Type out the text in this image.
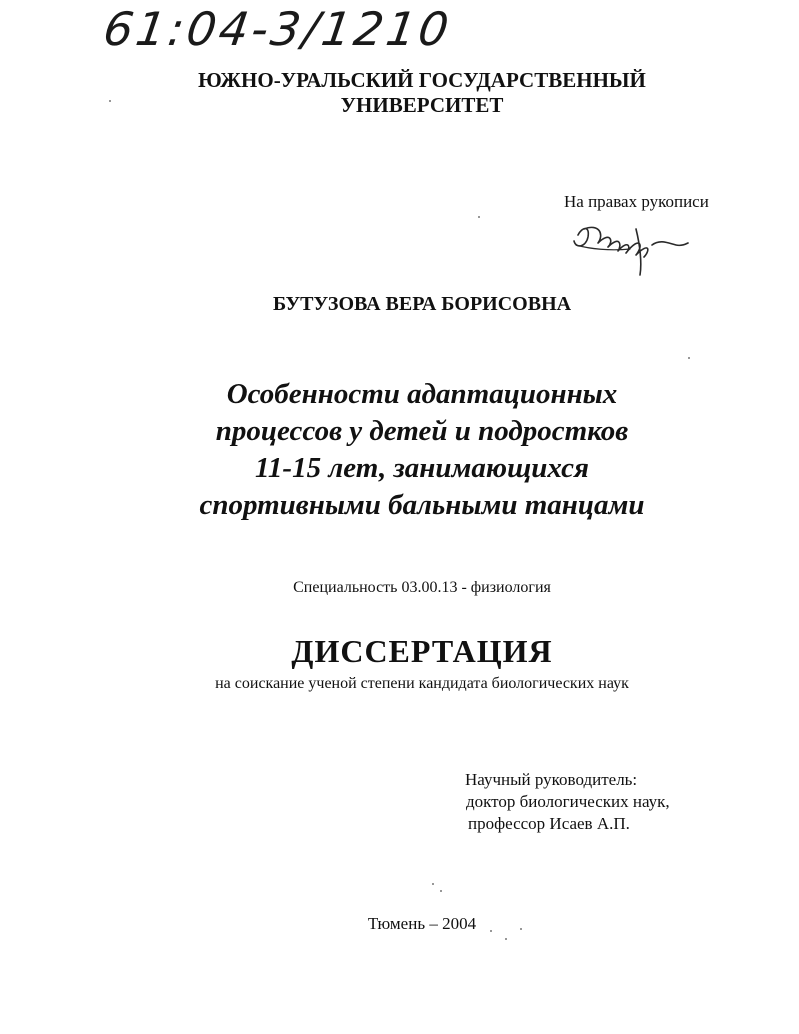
61:04-3/1210
ЮЖНО-УРАЛЬСКИЙ ГОСУДАРСТВЕННЫЙ
УНИВЕРСИТЕТ
На правах рукописи
БУТУЗОВА ВЕРА БОРИСОВНА
Особенности адаптационных
процессов у детей и подростков
11-15 лет, занимающихся
спортивными бальными танцами
Специальность 03.00.13 - физиология
ДИССЕРТАЦИЯ
на соискание ученой степени кандидата биологических наук
Научный руководитель:
доктор биологических наук,
профессор Исаев А.П.
Тюмень – 2004
